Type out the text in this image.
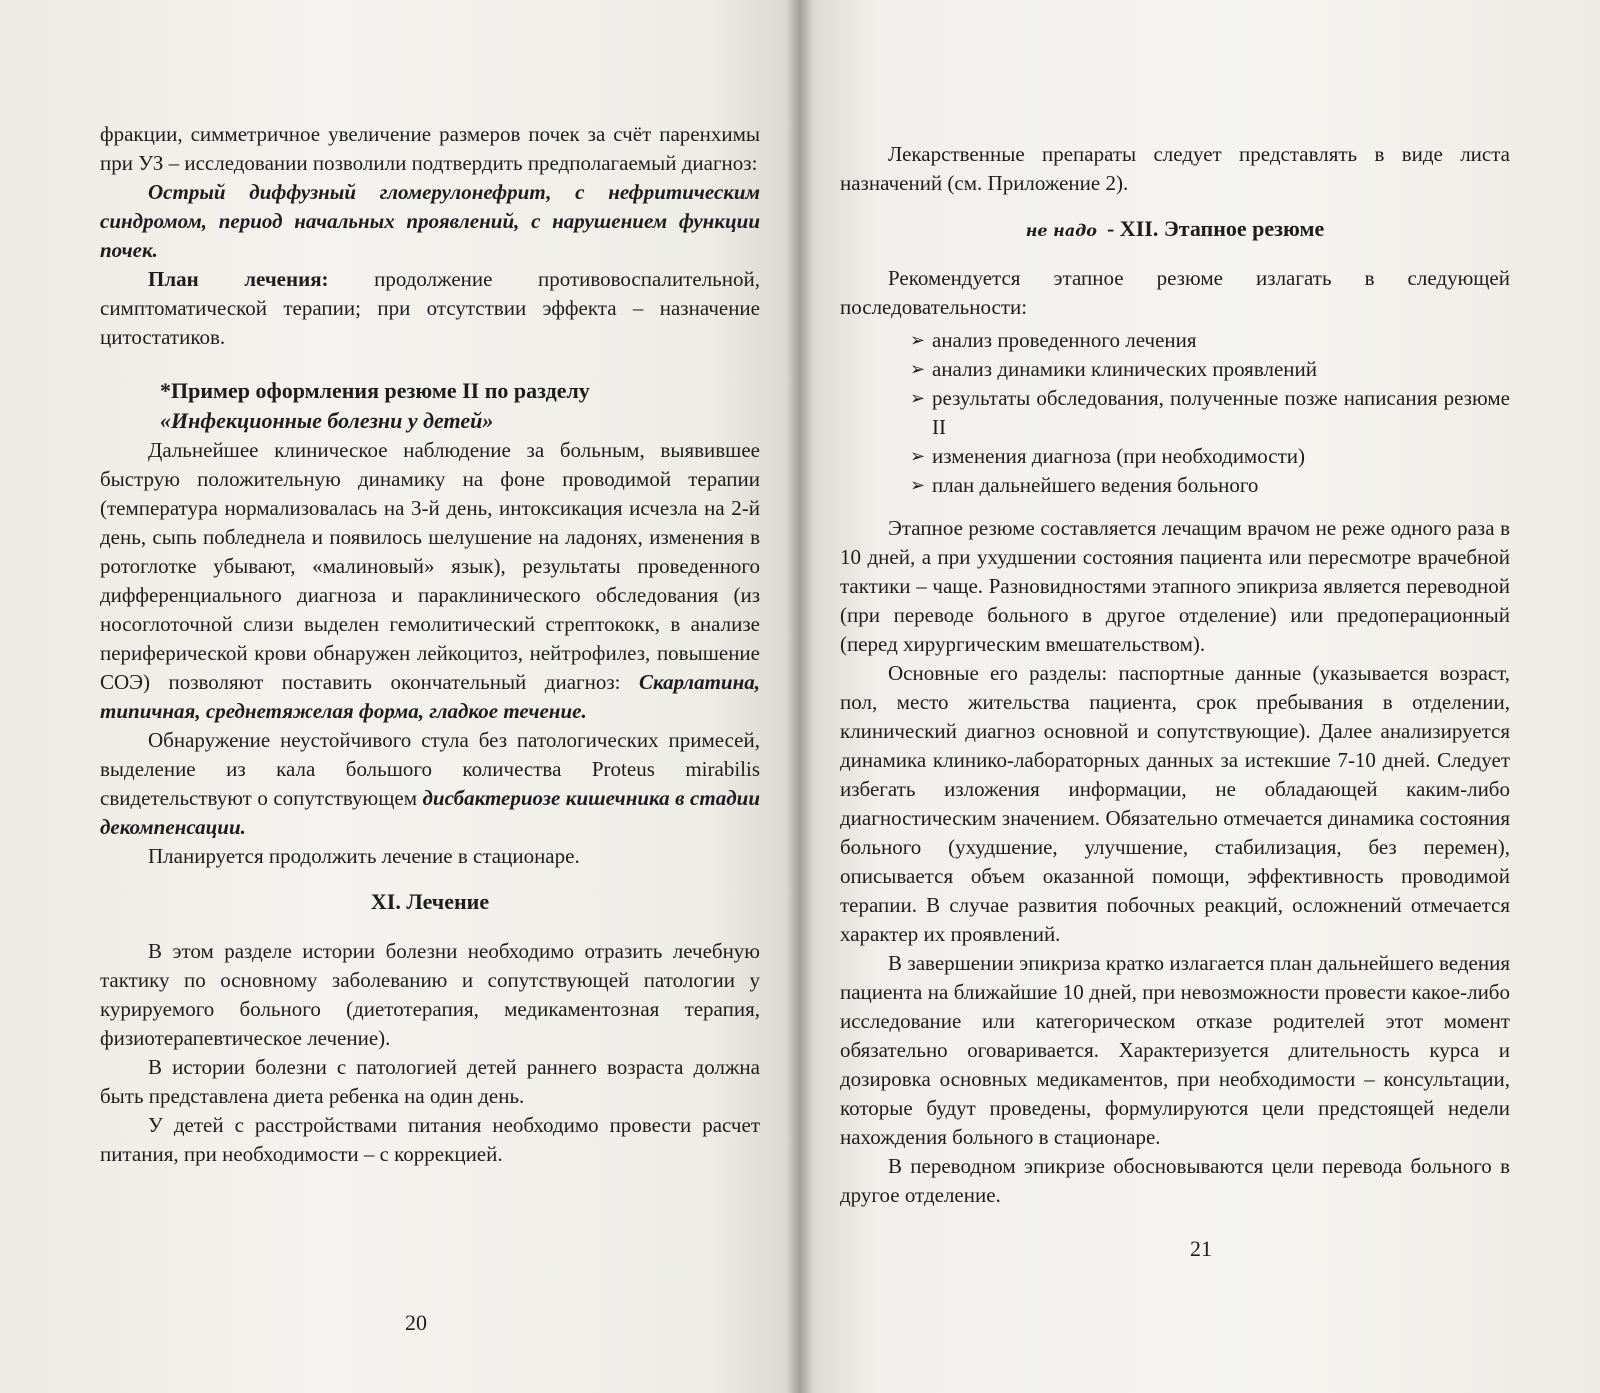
фракции, симметричное увеличение размеров почек за счёт паренхимы при УЗ – исследовании позволили подтвердить предполагаемый диагноз:

Острый диффузный гломерулонефрит, с нефритическим синдромом, период начальных проявлений, с нарушением функции почек.

План лечения: продолжение противовоспалительной, симптоматической терапии; при отсутствии эффекта – назначение цитостатиков.

*Пример оформления резюме II по разделу
«Инфекционные болезни у детей»

Дальнейшее клиническое наблюдение за больным, выявившее быструю положительную динамику на фоне проводимой терапии (температура нормализовалась на 3-й день, интоксикация исчезла на 2-й день, сыпь побледнела и появилось шелушение на ладонях, изменения в ротоглотке убывают, «малиновый» язык), результаты проведенного дифференциального диагноза и параклинического обследования (из носоглоточной слизи выделен гемолитический стрептококк, в анализе периферической крови обнаружен лейкоцитоз, нейтрофилез, повышение СОЭ) позволяют поставить окончательный диагноз: Скарлатина, типичная, среднетяжелая форма, гладкое течение.

Обнаружение неустойчивого стула без патологических примесей, выделение из кала большого количества Proteus mirabilis свидетельствуют о сопутствующем дисбактериозе кишечника в стадии декомпенсации.

Планируется продолжить лечение в стационаре.

XI. Лечение

В этом разделе истории болезни необходимо отразить лечебную тактику по основному заболеванию и сопутствующей патологии у курируемого больного (диетотерапия, медикаментозная терапия, физиотерапевтическое лечение).

В истории болезни с патологией детей раннего возраста должна быть представлена диета ребенка на один день.

У детей с расстройствами питания необходимо провести расчет питания, при необходимости – с коррекцией.

Лекарственные препараты следует представлять в виде листа назначений (см. Приложение 2).

не надо - XII. Этапное резюме

Рекомендуется этапное резюме излагать в следующей последовательности:

➢ анализ проведенного лечения
➢ анализ динамики клинических проявлений
➢ результаты обследования, полученные позже написания резюме II
➢ изменения диагноза (при необходимости)
➢ план дальнейшего ведения больного

Этапное резюме составляется лечащим врачом не реже одного раза в 10 дней, а при ухудшении состояния пациента или пересмотре врачебной тактики – чаще. Разновидностями этапного эпикриза является переводной (при переводе больного в другое отделение) или предоперационный (перед хирургическим вмешательством).

Основные его разделы: паспортные данные (указывается возраст, пол, место жительства пациента, срок пребывания в отделении, клинический диагноз основной и сопутствующие). Далее анализируется динамика клинико-лабораторных данных за истекшие 7-10 дней. Следует избегать изложения информации, не обладающей каким-либо диагностическим значением. Обязательно отмечается динамика состояния больного (ухудшение, улучшение, стабилизация, без перемен), описывается объем оказанной помощи, эффективность проводимой терапии. В случае развития побочных реакций, осложнений отмечается характер их проявлений.

В завершении эпикриза кратко излагается план дальнейшего ведения пациента на ближайшие 10 дней, при невозможности провести какое-либо исследование или категорическом отказе родителей этот момент обязательно оговаривается. Характеризуется длительность курса и дозировка основных медикаментов, при необходимости – консультации, которые будут проведены, формулируются цели предстоящей недели нахождения больного в стационаре.

В переводном эпикризе обосновываются цели перевода больного в другое отделение.

20
21
